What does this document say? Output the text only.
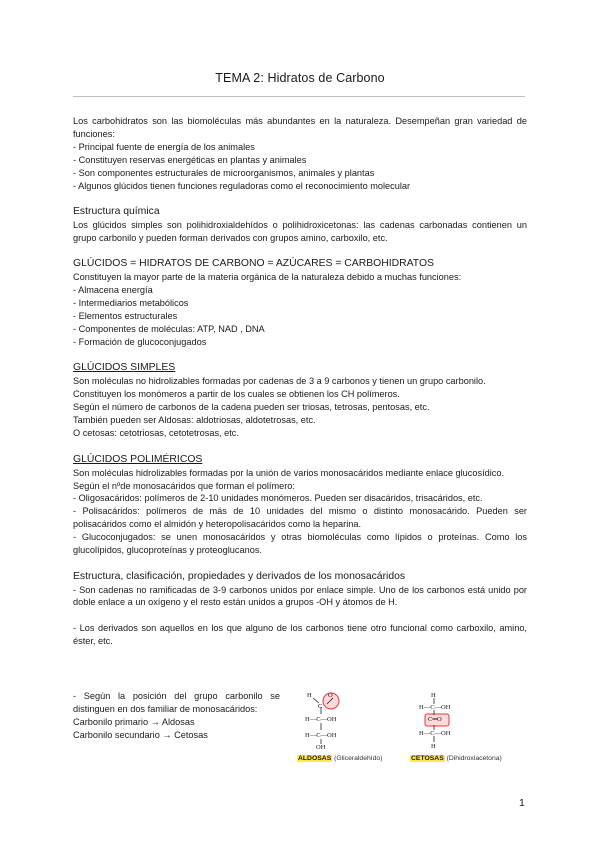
TEMA 2: Hidratos de Carbono

Los carbohidratos son las biomoléculas más abundantes en la naturaleza. Desempeñan gran variedad de funciones:

- Principal fuente de energía de los animales

- Constituyen reservas energéticas en plantas y animales

- Son componentes estructurales de microorganismos, animales y plantas

- Algunos glúcidos tienen funciones reguladoras como el reconocimiento molecular

Estructura química

Los glúcidos simples son polihidroxialdehídos o polihidroxicetonas: las cadenas carbonadas contienen un grupo carbonilo y pueden forman derivados con grupos amino, carboxilo, etc.

GLÚCIDOS = HIDRATOS DE CARBONO = AZÚCARES = CARBOHIDRATOS

Constituyen la mayor parte de la materia orgánica de la naturaleza debido a muchas funciones:

- Almacena energía

- Intermediarios metabólicos

- Elementos estructurales

- Componentes de moléculas: ATP, NAD , DNA

- Formación de glucoconjugados

GLÚCIDOS SIMPLES

Son moléculas no hidrolizables formadas por cadenas de 3 a 9 carbonos y tienen un grupo carbonilo.

Constituyen los monómeros a partir de los cuales se obtienen los CH polímeros.

Según el número de carbonos de la cadena pueden ser triosas, tetrosas, pentosas, etc.

También pueden ser Aldosas: aldotriosas, aldotetrosas, etc.

O cetosas: cetotriosas, cetotetrosas, etc.

GLÚCIDOS POLIMÉRICOS

Son moléculas hidrolizables formadas por la unión de varios monosacáridos mediante enlace glucosídico.

Según el nºde monosacáridos que forman el polímero:

- Oligosacáridos: polímeros de 2-10 unidades monómeros. Pueden ser disacáridos, trisacáridos, etc.

- Polisacáridos: polímeros de más de 10 unidades del mismo o distinto monosacárido. Pueden ser polisacáridos como el almidón y heteropolisacáridos como la heparina.

- Glucoconjugados: se unen monosacáridos y otras biomoléculas como lípidos o proteínas. Como los glucolípidos, glucoproteínas y proteoglucanos.

Estructura, clasificación, propiedades y derivados de los monosacáridos

- Son cadenas no ramificadas de 3-9 carbonos unidos por enlace simple. Uno de los carbonos está unido por doble enlace a un oxígeno y el resto están unidos a grupos -OH y átomos de H.

- Los derivados son aquellos en los que alguno de los carbonos tiene otro funcional como carboxilo, amino, éster, etc.

- Según la posición del grupo carbonilo se distinguen en dos familiar de monosacáridos:

Carbonilo primario → Aldosas

Carbonilo secundario → Cetosas

H	O
C
H—C—OH
H—C—OH
OH
ALDOSAS (Gliceraldehído)
H
H—C—OH
C═O
H—C—OH
H
CETOSAS (Dihidroxiacetona)
1
